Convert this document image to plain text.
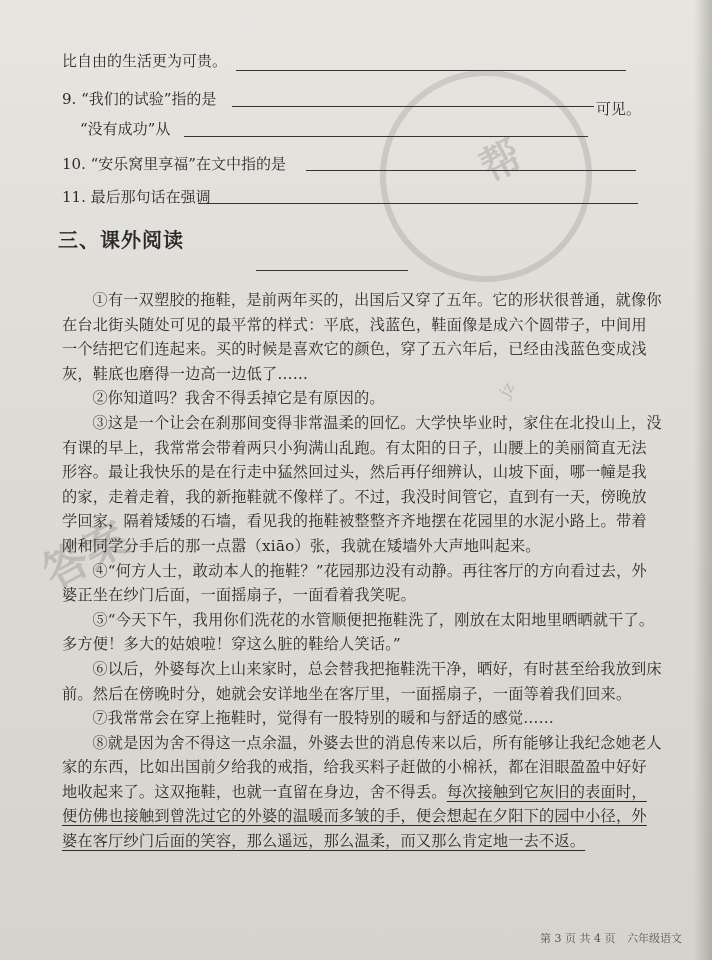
答案
帮
jz
比自由的生活更为可贵。
9. “我们的试验”指的是
“没有成功”从
可见。
10. “安乐窝里享福”在文中指的是
11. 最后那句话在强调
三、课外阅读

①有一双塑胶的拖鞋，是前两年买的，出国后又穿了五年。它的形状很普通，就像你在台北街头随处可见的最平常的样式：平底，浅蓝色，鞋面像是成六个圆带子，中间用一个结把它们连起来。买的时候是喜欢它的颜色，穿了五六年后，已经由浅蓝色变成浅灰，鞋底也磨得一边高一边低了……

②你知道吗？我舍不得丢掉它是有原因的。

③这是一个让会在刹那间变得非常温柔的回忆。大学快毕业时，家住在北投山上，没有课的早上，我常常会带着两只小狗满山乱跑。有太阳的日子，山腰上的美丽简直无法形容。最让我快乐的是在行走中猛然回过头，然后再仔细辨认，山坡下面，哪一幢是我的家，走着走着，我的新拖鞋就不像样了。不过，我没时间管它，直到有一天，傍晚放学回家，隔着矮矮的石墙，看见我的拖鞋被整整齐齐地摆在花园里的水泥小路上。带着刚和同学分手后的那一点嚣（xiāo）张，我就在矮墙外大声地叫起来。

④“何方人士，敢动本人的拖鞋？”花园那边没有动静。再往客厅的方向看过去，外婆正坐在纱门后面，一面摇扇子，一面看着我笑呢。

⑤“今天下午，我用你们洗花的水管顺便把拖鞋洗了，刚放在太阳地里晒晒就干了。多方便！多大的姑娘啦！穿这么脏的鞋给人笑话。”

⑥以后，外婆每次上山来家时，总会替我把拖鞋洗干净，晒好，有时甚至给我放到床前。然后在傍晚时分，她就会安详地坐在客厅里，一面摇扇子，一面等着我们回来。

⑦我常常会在穿上拖鞋时，觉得有一股特别的暖和与舒适的感觉……

⑧就是因为舍不得这一点余温，外婆去世的消息传来以后，所有能够让我纪念她老人家的东西，比如出国前夕给我的戒指，给我买料子赶做的小棉袄，都在泪眼盈盈中好好地收起来了。这双拖鞋，也就一直留在身边，舍不得丢。每次接触到它灰旧的表面时，便仿佛也接触到曾洗过它的外婆的温暖而多皱的手，便会想起在夕阳下的园中小径，外婆在客厅纱门后面的笑容，那么遥远，那么温柔，而又那么肯定地一去不返。

第 3 页 共 4 页 六年级语文
